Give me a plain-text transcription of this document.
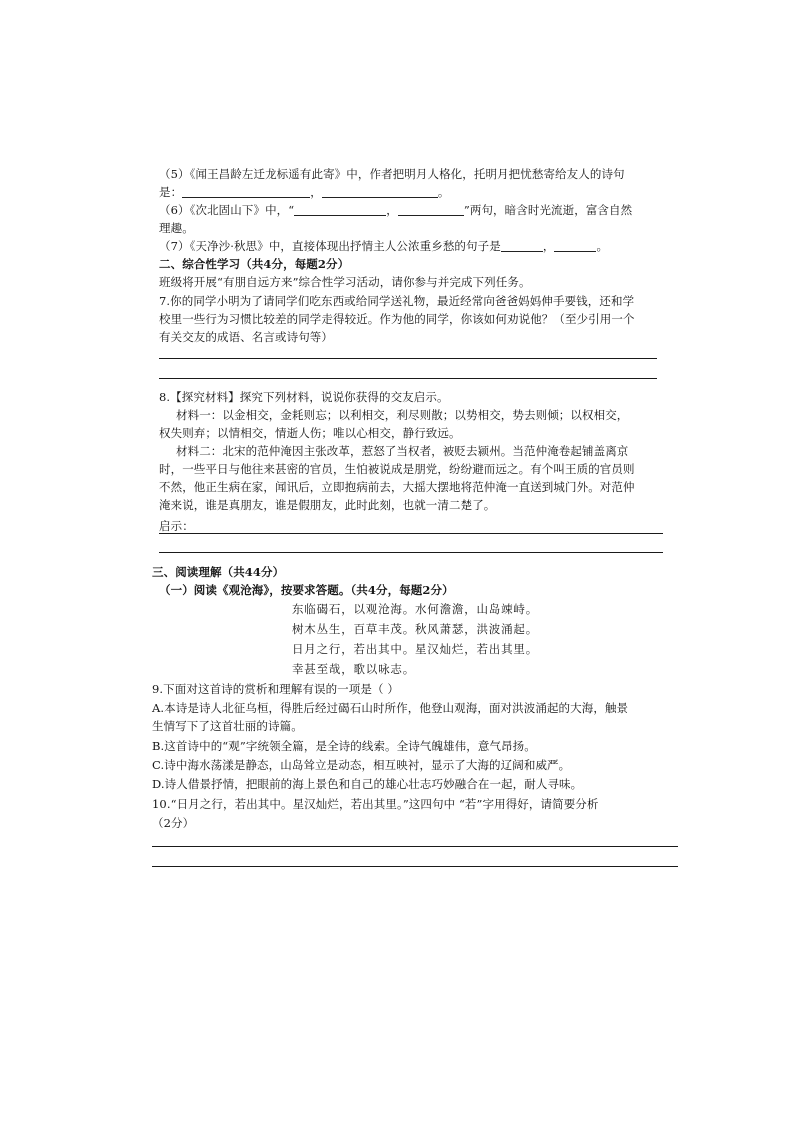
（5）《闻王昌龄左迁龙标遥有此寄》中，作者把明月人格化，托明月把忧愁寄给友人的诗句
是：	，	。
（6）《次北固山下》中，“	，	”两句，暗含时光流逝，富含自然
理趣。
（7）《天净沙·秋思》中，直接体现出抒情主人公浓重乡愁的句子是	，	。
二、综合性学习（共4分，每题2分）
班级将开展“有朋自远方来”综合性学习活动，请你参与并完成下列任务。
7.你的同学小明为了请同学们吃东西或给同学送礼物，最近经常向爸爸妈妈伸手要钱，还和学
校里一些行为习惯比较差的同学走得较近。作为他的同学，你该如何劝说他？（至少引用一个
有关交友的成语、名言或诗句等）
8.【探究材料】探究下列材料，说说你获得的交友启示。
材料一：以金相交，金耗则忘；以利相交，利尽则散；以势相交，势去则倾；以权相交，
权失则弃；以情相交，情逝人伤；唯以心相交，静行致远。
材料二：北宋的范仲淹因主张改革，惹怒了当权者，被贬去颍州。当范仲淹卷起铺盖离京
时，一些平日与他往来甚密的官员，生怕被说成是朋党，纷纷避而远之。有个叫王质的官员则
不然，他正生病在家，闻讯后，立即抱病前去，大摇大摆地将范仲淹一直送到城门外。对范仲
淹来说，谁是真朋友，谁是假朋友，此时此刻，也就一清二楚了。
启示：
三、阅读理解（共44分）
（一）阅读《观沧海》，按要求答题。（共4分，每题2分）
东临碣石，以观沧海。水何澹澹，山岛竦峙。
树木丛生，百草丰茂。秋风萧瑟，洪波涌起。
日月之行，若出其中。星汉灿烂，若出其里。
幸甚至哉，歌以咏志。
9.下面对这首诗的赏析和理解有误的一项是（ ）
A.本诗是诗人北征乌桓，得胜后经过碣石山时所作，他登山观海，面对洪波涌起的大海，触景
生情写下了这首壮丽的诗篇。
B.这首诗中的“观”字统领全篇，是全诗的线索。全诗气魄雄伟，意气昂扬。
C.诗中海水荡漾是静态，山岛耸立是动态，相互映衬，显示了大海的辽阔和威严。
D.诗人借景抒情，把眼前的海上景色和自己的雄心壮志巧妙融合在一起，耐人寻味。
10.“日月之行，若出其中。星汉灿烂，若出其里。”这四句中 “若”字用得好，请简要分析
（2分）
